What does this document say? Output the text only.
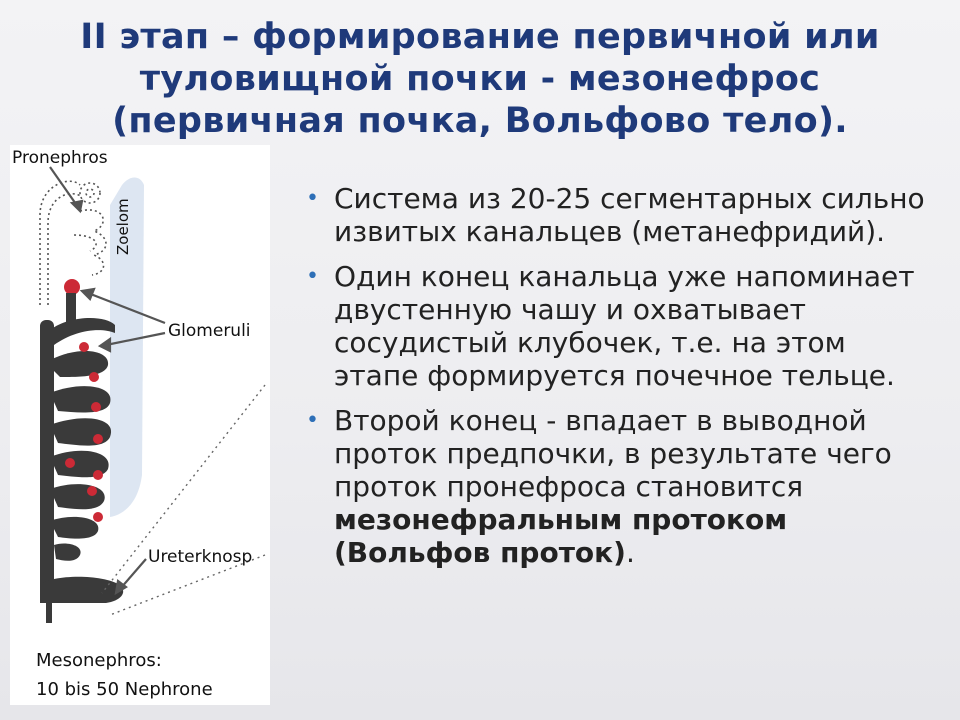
II этап – формирование первичной или
туловищной почки - мезонефрос
(первичная почка, Вольфово тело).
Pronephros
Zoelom
Glomeruli
Ureterknosp
Mesonephros:
10 bis 50 Nephrone
• Система из 20-25 сегментарных сильно извитых канальцев (метанефридий).
• Один конец канальца уже напоминает двустенную чашу и охватывает сосудистый клубочек, т.е. на этом этапе формируется почечное тельце.
• Второй конец - впадает в выводной проток предпочки, в результате чего проток пронефроса становится мезонефральным протоком (Вольфов проток).
